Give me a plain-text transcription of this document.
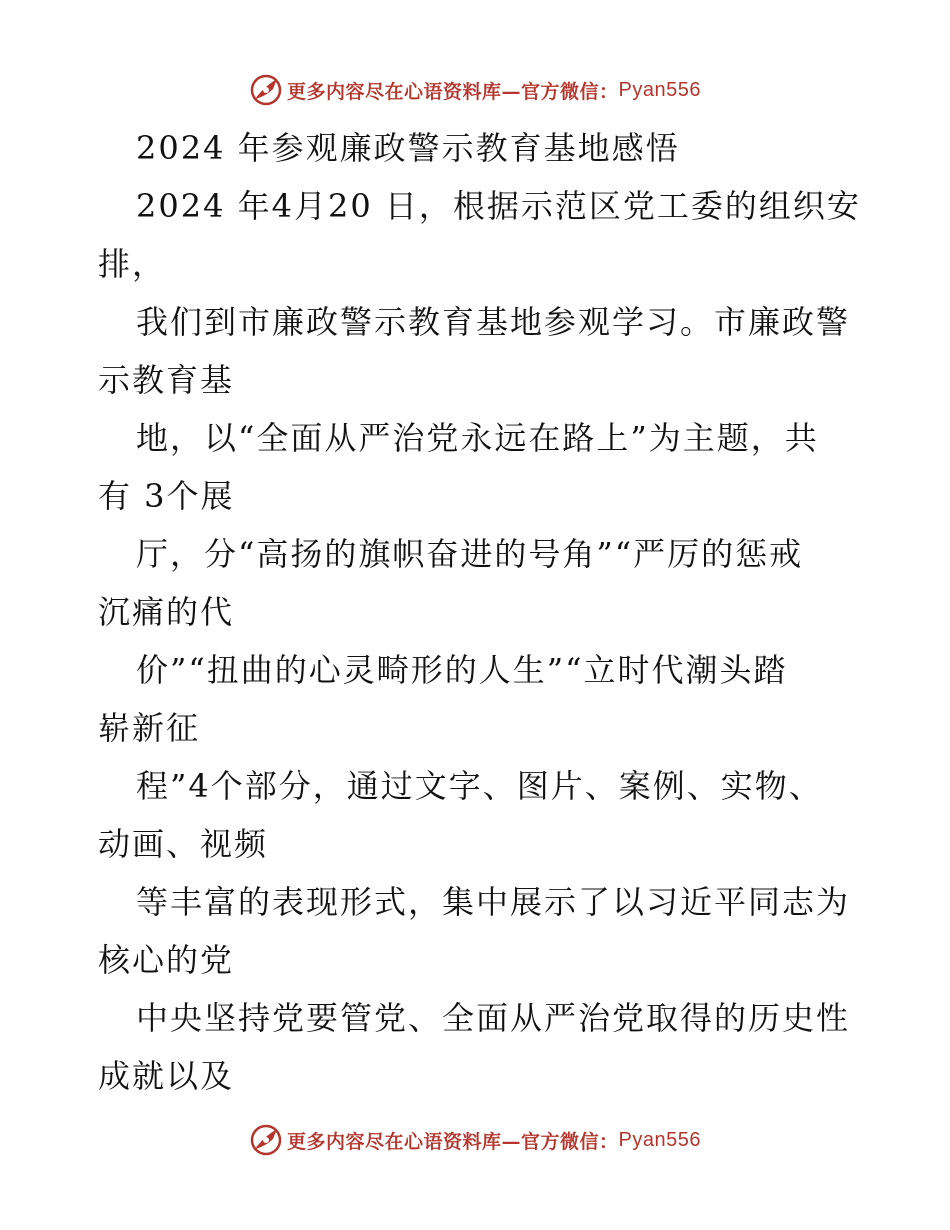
更多内容尽在心语资料库—官方微信： Pyan556
2024 年参观廉政警示教育基地感悟
2024 年4月20 日，根据示范区党工委的组织安
排，
我们到市廉政警示教育基地参观学习。市廉政警
示教育基
地，以“全面从严治党永远在路上”为主题，共
有 3个展
厅，分“高扬的旗帜奋进的号角”“严厉的惩戒
沉痛的代
价”“扭曲的心灵畸形的人生”“立时代潮头踏
崭新征
程”4个部分，通过文字、图片、案例、实物、
动画、视频
等丰富的表现形式，集中展示了以习近平同志为
核心的党
中央坚持党要管党、全面从严治党取得的历史性
成就以及
更多内容尽在心语资料库—官方微信： Pyan556
